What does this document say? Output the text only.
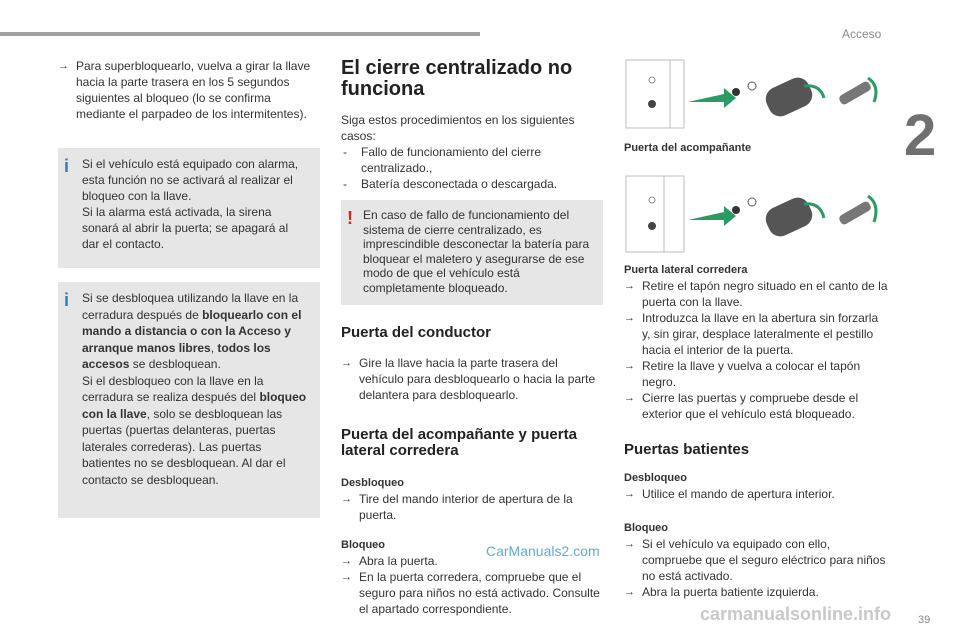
Acceso
2

→ Para superbloquearlo, vuelva a girar la llave hacia la parte trasera en los 5 segundos siguientes al bloqueo (lo se confirma mediante el parpadeo de los intermitentes).

i Si el vehículo está equipado con alarma, esta función no se activará al realizar el bloqueo con la llave.
Si la alarma está activada, la sirena sonará al abrir la puerta; se apagará al dar el contacto.

i Si se desbloquea utilizando la llave en la cerradura después de bloquearlo con el mando a distancia o con la Acceso y arranque manos libres, todos los accesos se desbloquean.
Si el desbloqueo con la llave en la cerradura se realiza después del bloqueo con la llave, solo se desbloquean las puertas (puertas delanteras, puertas laterales correderas). Las puertas batientes no se desbloquean. Al dar el contacto se desbloquean.

El cierre centralizado no funciona

Siga estos procedimientos en los siguientes casos:

- Fallo de funcionamiento del cierre centralizado.,

- Batería desconectada o descargada.

! En caso de fallo de funcionamiento del sistema de cierre centralizado, es imprescindible desconectar la batería para bloquear el maletero y asegurarse de ese modo de que el vehículo está completamente bloqueado.

Puerta del conductor

→ Gire la llave hacia la parte trasera del vehículo para desbloquearlo o hacia la parte delantera para desbloquearlo.

Puerta del acompañante y puerta lateral corredera

Desbloqueo

→ Tire del mando interior de apertura de la puerta.

Bloqueo

→ Abra la puerta.

→ En la puerta corredera, compruebe que el seguro para niños no está activado. Consulte el apartado correspondiente.

Puerta del acompañante

Puerta lateral corredera

→ Retire el tapón negro situado en el canto de la puerta con la llave.

→ Introduzca la llave en la abertura sin forzarla y, sin girar, desplace lateralmente el pestillo hacia el interior de la puerta.

→ Retire la llave y vuelva a colocar el tapón negro.

→ Cierre las puertas y compruebe desde el exterior que el vehículo está bloqueado.

Puertas batientes

Desbloqueo

→ Utilice el mando de apertura interior.

Bloqueo

→ Si el vehículo va equipado con ello, compruebe que el seguro eléctrico para niños no está activado.

→ Abra la puerta batiente izquierda.

CarManuals2.com
carmanualsonline.info 39
